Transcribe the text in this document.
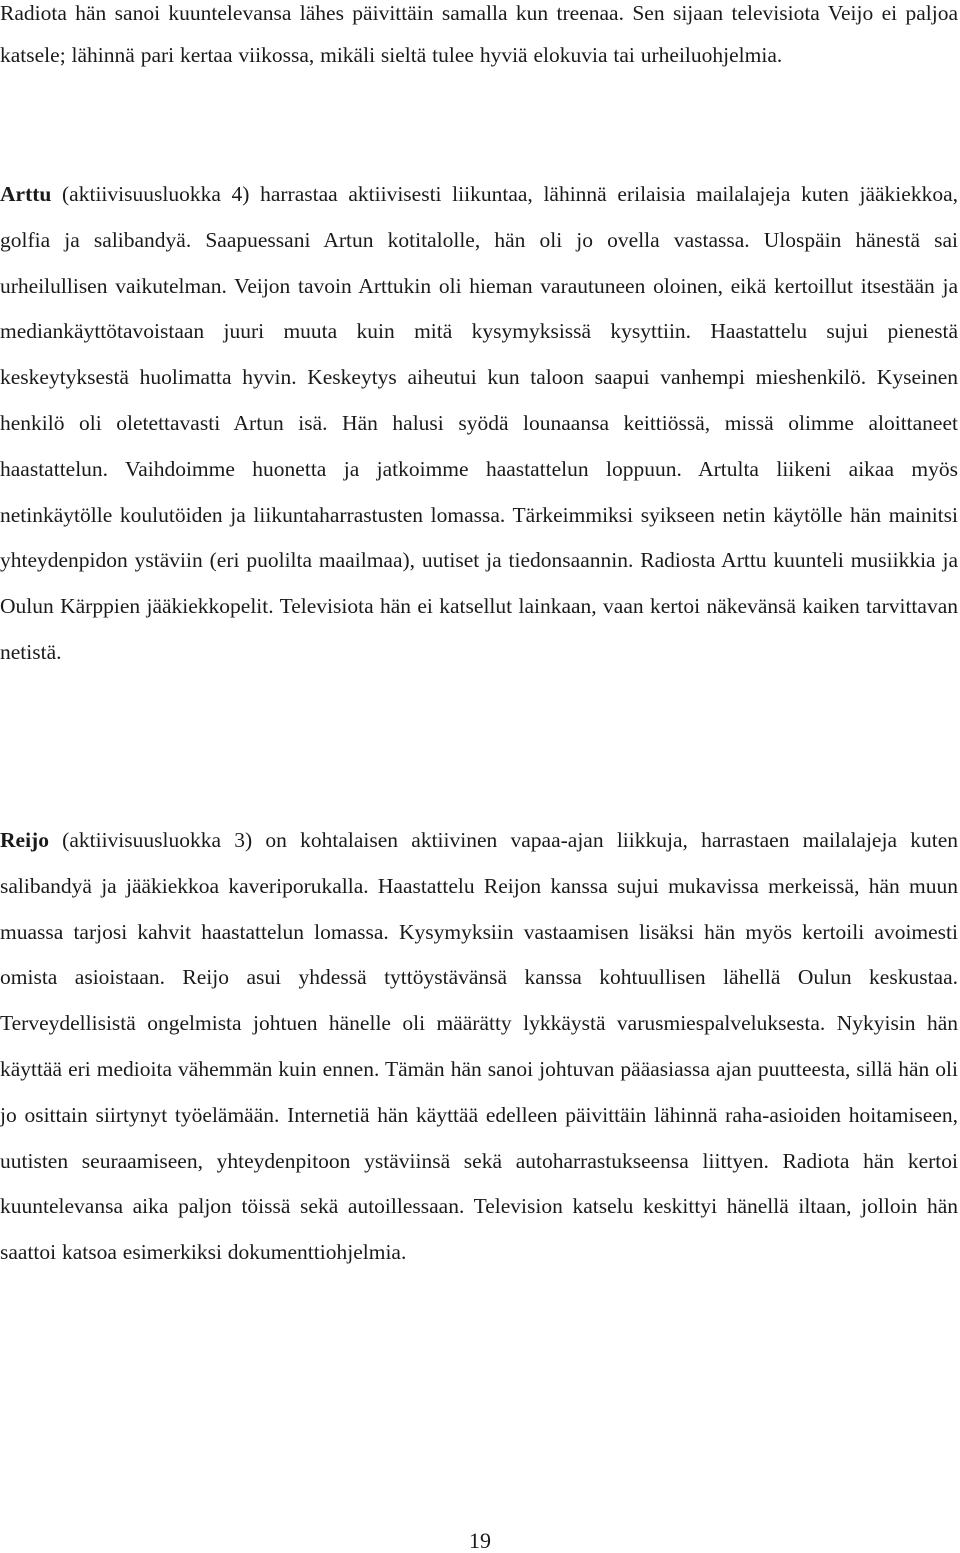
Radiota hän sanoi kuuntelevansa lähes päivittäin samalla kun treenaa. Sen sijaan televisiota Veijo ei paljoa katsele; lähinnä pari kertaa viikossa, mikäli sieltä tulee hyviä elokuvia tai urheiluohjelmia.

Arttu (aktiivisuusluokka 4) harrastaa aktiivisesti liikuntaa, lähinnä erilaisia mailalajeja kuten jääkiekkoa, golfia ja salibandyä. Saapuessani Artun kotitalolle, hän oli jo ovella vastassa. Ulospäin hänestä sai urheilullisen vaikutelman. Veijon tavoin Arttukin oli hieman varautuneen oloinen, eikä kertoillut itsestään ja mediankäyttötavoistaan juuri muuta kuin mitä kysymyksissä kysyttiin. Haastattelu sujui pienestä keskeytyksestä huolimatta hyvin. Keskeytys aiheutui kun taloon saapui vanhempi mieshenkilö. Kyseinen henkilö oli oletettavasti Artun isä. Hän halusi syödä lounaansa keittiössä, missä olimme aloittaneet haastattelun. Vaihdoimme huonetta ja jatkoimme haastattelun loppuun. Artulta liikeni aikaa myös netinkäytölle koulutöiden ja liikuntaharrastusten lomassa. Tärkeimmiksi syikseen netin käytölle hän mainitsi yhteydenpidon ystäviin (eri puolilta maailmaa), uutiset ja tiedonsaannin. Radiosta Arttu kuunteli musiikkia ja Oulun Kärppien jääkiekkopelit. Televisiota hän ei katsellut lainkaan, vaan kertoi näkevänsä kaiken tarvittavan netistä.

Reijo (aktiivisuusluokka 3) on kohtalaisen aktiivinen vapaa-ajan liikkuja, harrastaen mailalajeja kuten salibandyä ja jääkiekkoa kaveriporukalla. Haastattelu Reijon kanssa sujui mukavissa merkeissä, hän muun muassa tarjosi kahvit haastattelun lomassa. Kysymyksiin vastaamisen lisäksi hän myös kertoili avoimesti omista asioistaan. Reijo asui yhdessä tyttöystävänsä kanssa kohtuullisen lähellä Oulun keskustaa. Terveydellisistä ongelmista johtuen hänelle oli määrätty lykkäystä varusmiespalveluksesta. Nykyisin hän käyttää eri medioita vähemmän kuin ennen. Tämän hän sanoi johtuvan pääasiassa ajan puutteesta, sillä hän oli jo osittain siirtynyt työelämään. Internetiä hän käyttää edelleen päivittäin lähinnä raha-asioiden hoitamiseen, uutisten seuraamiseen, yhteydenpitoon ystäviinsä sekä autoharrastukseensa liittyen. Radiota hän kertoi kuuntelevansa aika paljon töissä sekä autoillessaan. Television katselu keskittyi hänellä iltaan, jolloin hän saattoi katsoa esimerkiksi dokumenttiohjelmia.

19
